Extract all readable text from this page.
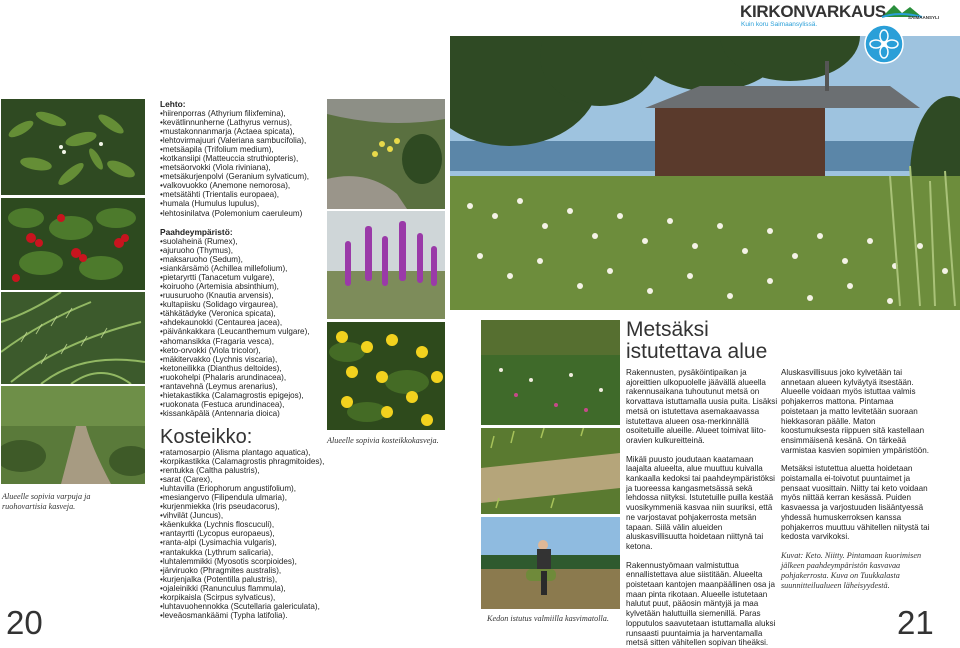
Alueelle sopivia varpuja ja ruohovartisia kasveja.
20
Lehto:
• hiirenporras (Athyrium filixfemina),
• kevätlinnunherne (Lathyrus vernus),
• mustakonnanmarja (Actaea spicata),
• lehtovirmajuuri (Valeriana sambucifolia),
• metsäapila (Trifolium medium),
• kotkansiipi (Matteuccia struthiopteris),
• metsäorvokki (Viola riviniana),
• metsäkurjenpolvi (Geranium sylvaticum),
• valkovuokko (Anemone nemorosa),
• metsätähti (Trientalis europaea),
• humala (Humulus lupulus),
• lehtosinilatva (Polemonium caeruleum)
Paahdeympäristö:
• suolaheinä (Rumex),
• ajuruoho (Thymus),
• maksaruoho (Sedum),
• siankärsämö (Achillea millefolium),
• pietaryrtti (Tanacetum vulgare),
• koiruoho (Artemisia absinthium),
• ruusuruoho (Knautia arvensis),
• kultapiisku (Solidago virgaurea),
• tähkätädyke (Veronica spicata),
• ahdekaunokki (Centaurea jacea),
• päivänkakkara (Leucanthemum vulgare),
• ahomansikka (Fragaria vesca),
• keto-orvokki (Viola tricolor),
• mäkitervakko (Lychnis viscaria),
• ketoneilikka (Dianthus deltoides),
• ruokohelpi (Phalaris arundinacea),
• rantavehnä (Leymus arenarius),
• hietakastikka (Calamagrostis epigejos),
• ruokonata (Festuca arundinacea),
• kissankäpälä (Antennaria dioica)
Kosteikko:
• ratamosarpio (Alisma plantago aquatica),
• korpikastikka (Calamagrostis phragmitoides),
• rentukka (Caltha palustris),
• sarat (Carex),
• luhtavilla (Eriophorum angustifolium),
• mesiangervo (Filipendula ulmaria),
• kurjenmiekka (Iris pseudacorus),
• vihvilät (Juncus),
• käenkukka (Lychnis floscuculi),
• rantayrtti (Lycopus europaeus),
• ranta-alpi (Lysimachia vulgaris),
• rantakukka (Lythrum salicaria),
• luhtalemmikki (Myosotis scorpioides),
• järviruoko (Phragmites australis),
• kurjenjalka (Potentilla palustris),
• ojaleinikki (Ranunculus flammula),
• korpikaisla (Scirpus sylvaticus),
• luhtavuohennokka (Scutellaria galericulata),
• leveäosmankäämi (Typha latifolia).
Alueelle sopivia kosteikkokasveja.
KIRKONVARKAUS
Kuin koru Saimaansylissä.
SAIMAANSYLI
Kedon istutus valmiilla kasvimatolla.
Metsäksi
istutettava alue

Rakennusten, pysäköintipaikan ja ajoreittien ulkopuolelle jäävällä alueella rakennusaikana tuhoutunut metsä on korvattava istuttamalla uusia puita. Lisäksi metsä on istutettava asemakaavassa istutettava alueen osa-merkinnällä osoitetuille alueille. Alueet toimivat liito-oravien kulkureitteinä.

Mikäli puusto joudutaan kaatamaan laajalta alueelta, alue muuttuu kuivalla kankaalla kedoksi tai paahdeympäristöksi ja tuoreessa kangasmetsässä sekä lehdossa niityksi. Istutetuille puilla kestää vuosikymmeniä kasvaa niin suuriksi, että ne varjostavat pohjakerrosta metsän tapaan. Siilä välin alueiden aluskasvillisuutta hoidetaan niittynä tai ketona.

Rakennustyömaan valmistuttua ennallistettava alue siistitään. Alueelta poistetaan kantojen maanpäällinen osa ja maan pinta rikotaan. Alueelle istutetaan halutut puut, pääosin mäntyjä ja maa kylvetään haluttuilla siemenillä. Paras lopputulos saavutetaan istuttamalla aluksi runsaasti puuntaimia ja harventamalla metsä sitten vähitellen sopivan tiheäksi.

Aluskasvillisuus joko kylvetään tai annetaan alueen kylväytyä itsestään. Alueelle voidaan myös istuttaa valmis pohjakerros mattona. Pintamaa poistetaan ja matto levitetään suoraan hiekkasoran päälle. Maton koostumuksesta riippuen sitä kastellaan ensimmäisenä kesänä. On tärkeää varmistaa kasvien sopimien ympäristöön.

Metsäksi istutettua aluetta hoidetaan poistamalla ei-toivotut puuntaimet ja pensaat vuosittain. Niitty tai keto voidaan myös niittää kerran kesässä. Puiden kasvaessa ja varjostuuden lisääntyessä yhdessä humuskerroksen kanssa pohjakerros muuttuu vähitellen niitystä tai kedosta varvikoksi.

Kuvat: Keto. Niitty. Pintamaan kuorimisen jälkeen paahdeympäristön kasvavaa pohjakerrosta. Kuva on Tuukkalasta suunnitteilualueen läheisyydestä.
21
